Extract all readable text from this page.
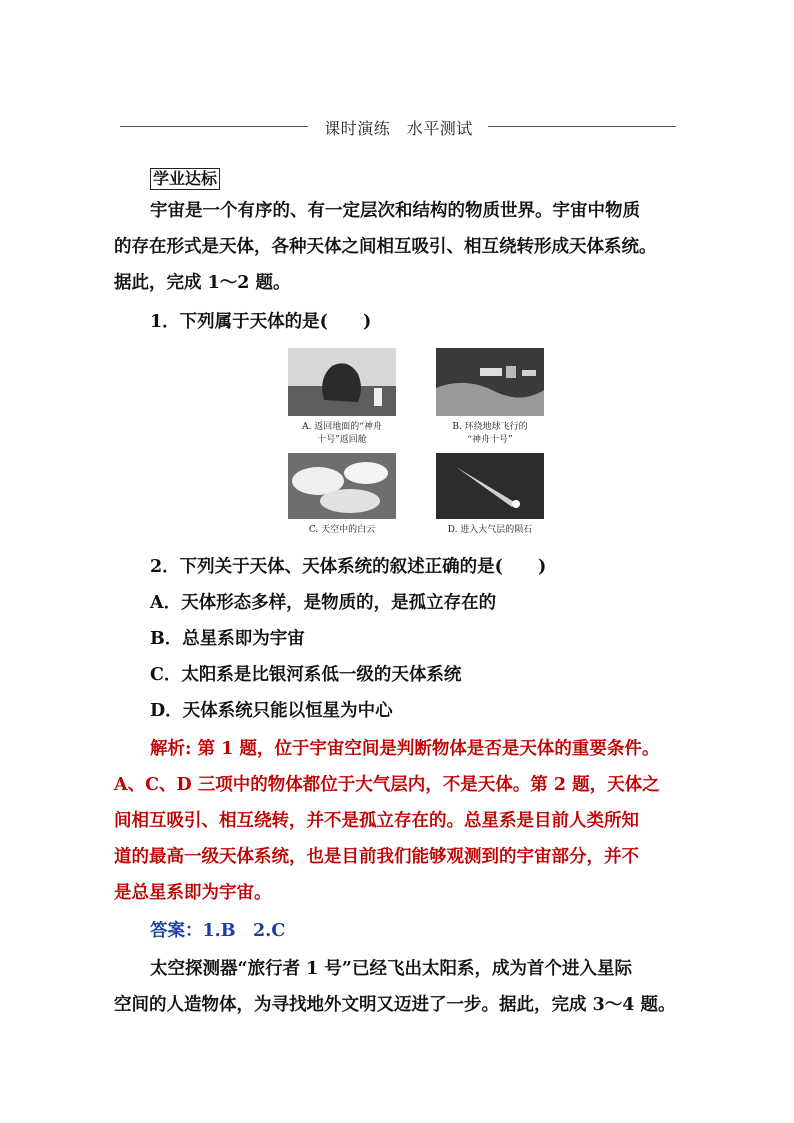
课时演练　水平测试
学业达标
宇宙是一个有序的、有一定层次和结构的物质世界。宇宙中物质
的存在形式是天体，各种天体之间相互吸引、相互绕转形成天体系统。
据此，完成 1～2 题。
1．下列属于天体的是(　　)
A. 返回地面的“神舟
十号”返回舱
B. 环绕地球飞行的
“神舟十号”
C. 天空中的白云	D. 进入大气层的陨石
2．下列关于天体、天体系统的叙述正确的是(　　)
A．天体形态多样，是物质的，是孤立存在的
B．总星系即为宇宙
C．太阳系是比银河系低一级的天体系统
D．天体系统只能以恒星为中心
解析: 第 1 题，位于宇宙空间是判断物体是否是天体的重要条件。
A、C、D 三项中的物体都位于大气层内，不是天体。第 2 题，天体之
间相互吸引、相互绕转，并不是孤立存在的。总星系是目前人类所知
道的最高一级天体系统，也是目前我们能够观测到的宇宙部分，并不
是总星系即为宇宙。
答案：1.B　2.C
太空探测器“旅行者 1 号”已经飞出太阳系，成为首个进入星际
空间的人造物体，为寻找地外文明又迈进了一步。据此，完成 3～4 题。
